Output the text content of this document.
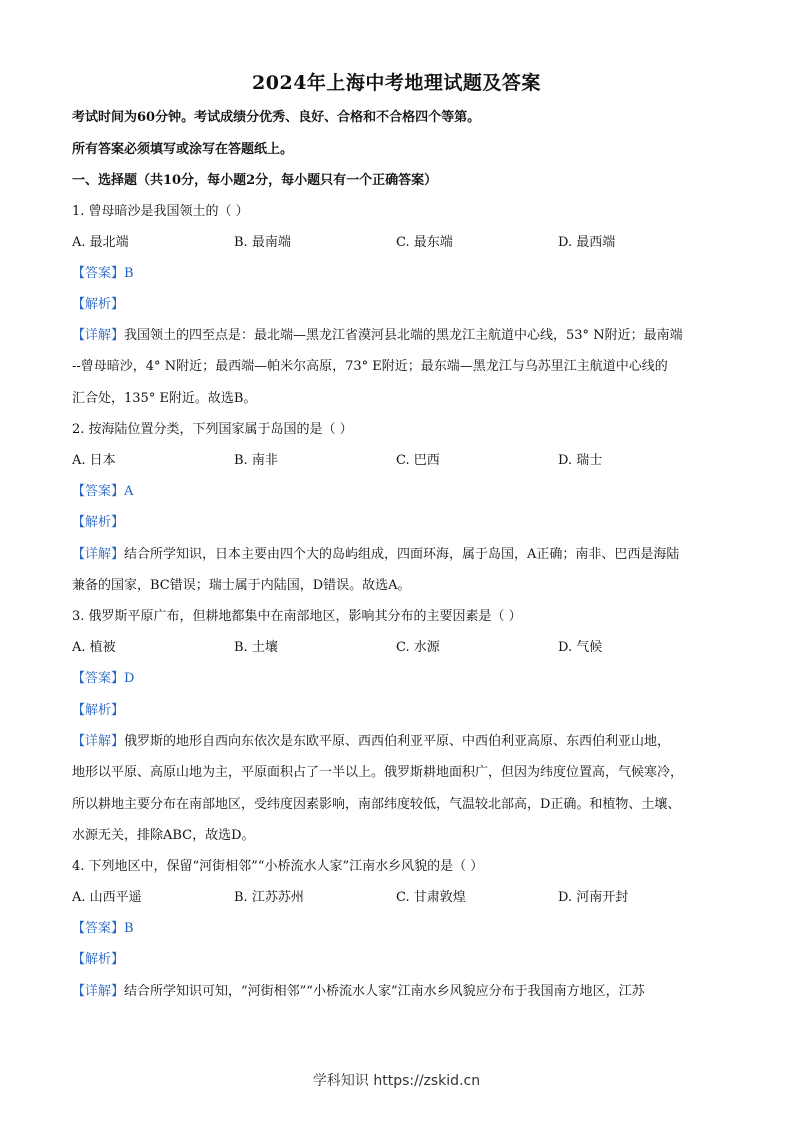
2024年上海中考地理试题及答案
考试时间为60分钟。考试成绩分优秀、良好、合格和不合格四个等第。
所有答案必须填写或涂写在答题纸上。
一、选择题（共10分，每小题2分，每小题只有一个正确答案）
1. 曾母暗沙是我国领土的（ ）
A. 最北端	B. 最南端	C. 最东端	D. 最西端
【答案】B
【解析】
【详解】我国领土的四至点是：最北端—黑龙江省漠河县北端的黑龙江主航道中心线，53° N附近；最南端
--曾母暗沙，4° N附近；最西端—帕米尔高原，73° E附近；最东端—黑龙江与乌苏里江主航道中心线的
汇合处，135° E附近。故选B。
2. 按海陆位置分类，下列国家属于岛国的是（ ）
A. 日本	B. 南非	C. 巴西	D. 瑞士
【答案】A
【解析】
【详解】结合所学知识，日本主要由四个大的岛屿组成，四面环海，属于岛国，A正确；南非、巴西是海陆
兼备的国家，BC错误；瑞士属于内陆国，D错误。故选A。
3. 俄罗斯平原广布，但耕地都集中在南部地区，影响其分布的主要因素是（ ）
A. 植被	B. 土壤	C. 水源	D. 气候
【答案】D
【解析】
【详解】俄罗斯的地形自西向东依次是东欧平原、西西伯利亚平原、中西伯利亚高原、东西伯利亚山地，
地形以平原、高原山地为主，平原面积占了一半以上。俄罗斯耕地面积广，但因为纬度位置高，气候寒冷，
所以耕地主要分布在南部地区，受纬度因素影响，南部纬度较低，气温较北部高，D正确。和植物、土壤、
水源无关，排除ABC，故选D。
4. 下列地区中，保留“河街相邻”“小桥流水人家”江南水乡风貌的是（ ）
A. 山西平遥	B. 江苏苏州	C. 甘肃敦煌	D. 河南开封
【答案】B
【解析】
【详解】结合所学知识可知，“河街相邻”“小桥流水人家”江南水乡风貌应分布于我国南方地区，江苏
学科知识 https://zskid.cn
